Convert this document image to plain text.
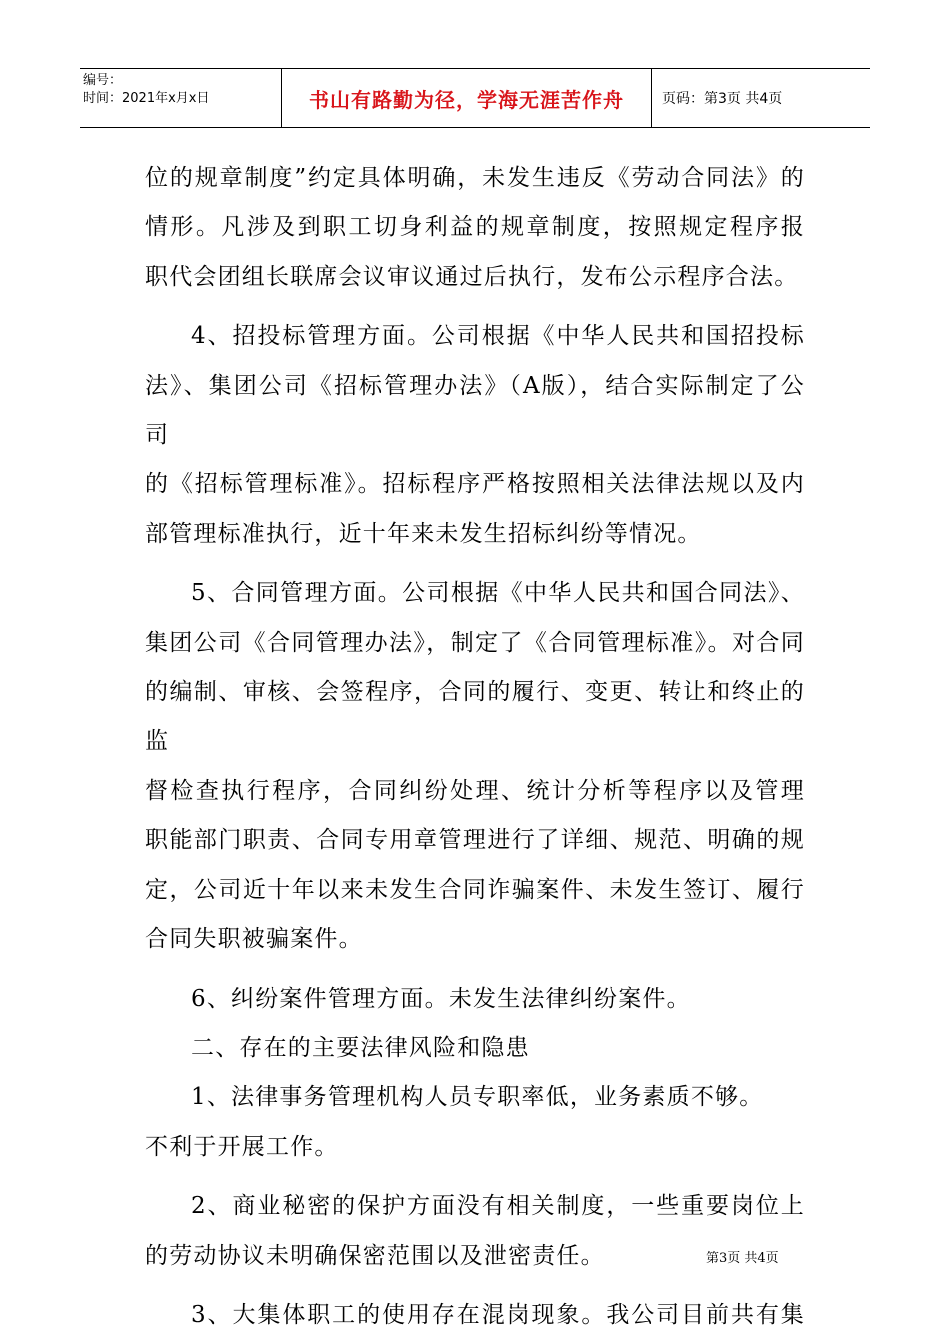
编号：
时间：2021年x月x日	书山有路勤为径，学海无涯苦作舟	页码：第3页 共4页

位的规章制度”约定具体明确，未发生违反《劳动合同法》的

情形。凡涉及到职工切身利益的规章制度，按照规定程序报

职代会团组长联席会议审议通过后执行，发布公示程序合法。

4、招投标管理方面。公司根据《中华人民共和国招投标

法》、集团公司《招标管理办法》（A版），结合实际制定了公司

的《招标管理标准》。招标程序严格按照相关法律法规以及内

部管理标准执行，近十年来未发生招标纠纷等情况。

5、合同管理方面。公司根据《中华人民共和国合同法》、

集团公司《合同管理办法》，制定了《合同管理标准》。对合同

的编制、审核、会签程序，合同的履行、变更、转让和终止的监

督检查执行程序，合同纠纷处理、统计分析等程序以及管理

职能部门职责、合同专用章管理进行了详细、规范、明确的规

定，公司近十年以来未发生合同诈骗案件、未发生签订、履行

合同失职被骗案件。

6、纠纷案件管理方面。未发生法律纠纷案件。

二、存在的主要法律风险和隐患

1、法律事务管理机构人员专职率低，业务素质不够。

不利于开展工作。

2、商业秘密的保护方面没有相关制度，一些重要岗位上

的劳动协议未明确保密范围以及泄密责任。

3、大集体职工的使用存在混岗现象。我公司目前共有集

第3页 共4页
